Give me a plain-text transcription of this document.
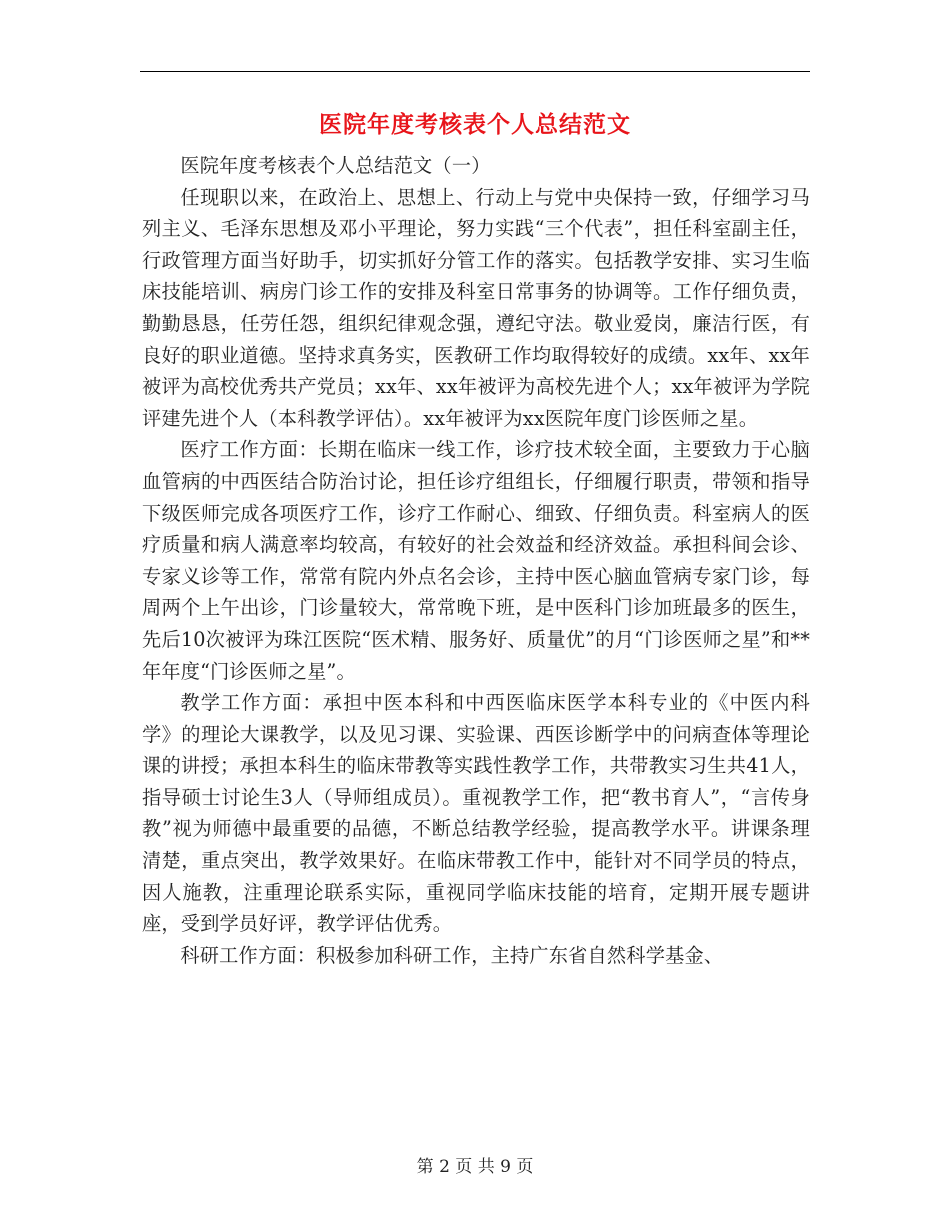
医院年度考核表个人总结范文

医院年度考核表个人总结范文（一）

任现职以来，在政治上、思想上、行动上与党中央保持一致，仔细学习马列主义、毛泽东思想及邓小平理论，努力实践“三个代表”，担任科室副主任，行政管理方面当好助手，切实抓好分管工作的落实。包括教学安排、实习生临床技能培训、病房门诊工作的安排及科室日常事务的协调等。工作仔细负责，勤勤恳恳，任劳任怨，组织纪律观念强，遵纪守法。敬业爱岗，廉洁行医，有良好的职业道德。坚持求真务实，医教研工作均取得较好的成绩。xx年、xx年被评为高校优秀共产党员；xx年、xx年被评为高校先进个人；xx年被评为学院评建先进个人（本科教学评估）。xx年被评为xx医院年度门诊医师之星。

医疗工作方面：长期在临床一线工作，诊疗技术较全面，主要致力于心脑血管病的中西医结合防治讨论，担任诊疗组组长，仔细履行职责，带领和指导下级医师完成各项医疗工作，诊疗工作耐心、细致、仔细负责。科室病人的医疗质量和病人满意率均较高，有较好的社会效益和经济效益。承担科间会诊、专家义诊等工作，常常有院内外点名会诊，主持中医心脑血管病专家门诊，每周两个上午出诊，门诊量较大，常常晚下班，是中医科门诊加班最多的医生，先后10次被评为珠江医院“医术精、服务好、质量优”的月“门诊医师之星”和**年年度“门诊医师之星”。

教学工作方面：承担中医本科和中西医临床医学本科专业的《中医内科学》的理论大课教学，以及见习课、实验课、西医诊断学中的问病查体等理论课的讲授；承担本科生的临床带教等实践性教学工作，共带教实习生共41人，指导硕士讨论生3人（导师组成员）。重视教学工作，把“教书育人”，“言传身教”视为师德中最重要的品德，不断总结教学经验，提高教学水平。讲课条理清楚，重点突出，教学效果好。在临床带教工作中，能针对不同学员的特点，因人施教，注重理论联系实际，重视同学临床技能的培育，定期开展专题讲座，受到学员好评，教学评估优秀。

科研工作方面：积极参加科研工作，主持广东省自然科学基金、

第 2 页 共 9 页
